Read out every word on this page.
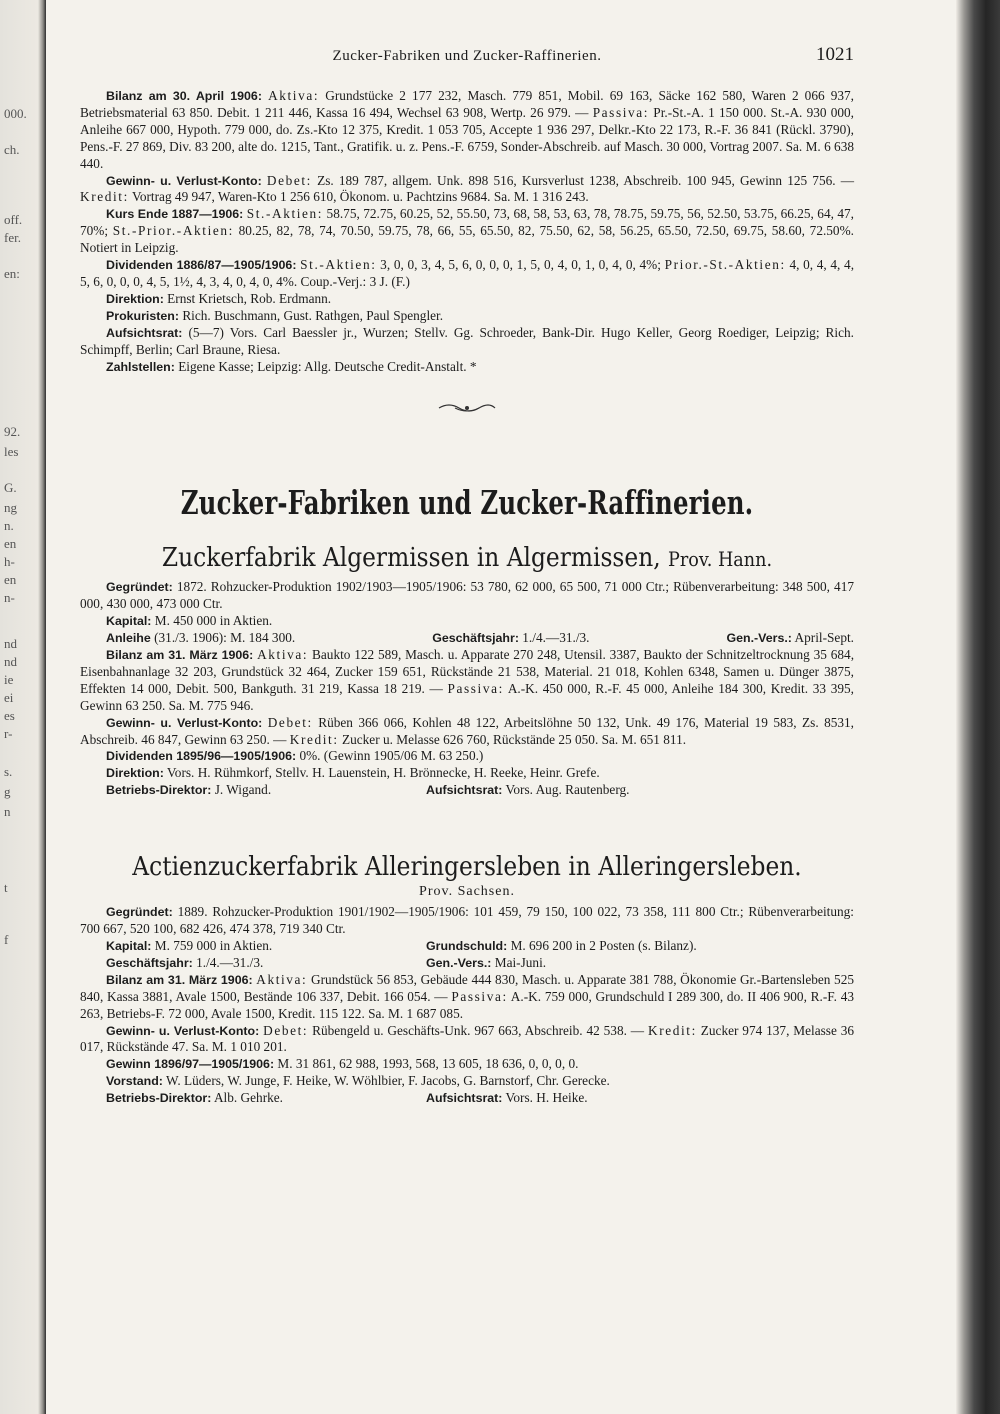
000.
ch.
off.
fer.
en:
92.
les
G.
ng
n.
en
h-
en
n-
nd
nd
ie
ei
es
r-
s.
g
n
t
f
Zucker-Fabriken und Zucker-Raffinerien.	1021

Bilanz am 30. April 1906: Aktiva: Grundstücke 2 177 232, Masch. 779 851, Mobil. 69 163, Säcke 162 580, Waren 2 066 937, Betriebsmaterial 63 850. Debit. 1 211 446, Kassa 16 494, Wechsel 63 908, Wertp. 26 979. — Passiva: Pr.-St.-A. 1 150 000. St.-A. 930 000, Anleihe 667 000, Hypoth. 779 000, do. Zs.-Kto 12 375, Kredit. 1 053 705, Accepte 1 936 297, Delkr.-Kto 22 173, R.-F. 36 841 (Rückl. 3790), Pens.-F. 27 869, Div. 83 200, alte do. 1215, Tant., Gratifik. u. z. Pens.-F. 6759, Sonder-Abschreib. auf Masch. 30 000, Vortrag 2007. Sa. M. 6 638 440.

Gewinn- u. Verlust-Konto: Debet: Zs. 189 787, allgem. Unk. 898 516, Kursverlust 1238, Abschreib. 100 945, Gewinn 125 756. — Kredit: Vortrag 49 947, Waren-Kto 1 256 610, Ökonom. u. Pachtzins 9684. Sa. M. 1 316 243.

Kurs Ende 1887—1906: St.-Aktien: 58.75, 72.75, 60.25, 52, 55.50, 73, 68, 58, 53, 63, 78, 78.75, 59.75, 56, 52.50, 53.75, 66.25, 64, 47, 70%; St.-Prior.-Aktien: 80.25, 82, 78, 74, 70.50, 59.75, 78, 66, 55, 65.50, 82, 75.50, 62, 58, 56.25, 65.50, 72.50, 69.75, 58.60, 72.50%. Notiert in Leipzig.

Dividenden 1886/87—1905/1906: St.-Aktien: 3, 0, 0, 3, 4, 5, 6, 0, 0, 0, 1, 5, 0, 4, 0, 1, 0, 4, 0, 4%; Prior.-St.-Aktien: 4, 0, 4, 4, 4, 5, 6, 0, 0, 0, 4, 5, 1½, 4, 3, 4, 0, 4, 0, 4%. Coup.-Verj.: 3 J. (F.)

Direktion: Ernst Krietsch, Rob. Erdmann.

Prokuristen: Rich. Buschmann, Gust. Rathgen, Paul Spengler.

Aufsichtsrat: (5—7) Vors. Carl Baessler jr., Wurzen; Stellv. Gg. Schroeder, Bank-Dir. Hugo Keller, Georg Roediger, Leipzig; Rich. Schimpff, Berlin; Carl Braune, Riesa.

Zahlstellen: Eigene Kasse; Leipzig: Allg. Deutsche Credit-Anstalt. *

Zucker-Fabriken und Zucker-Raffinerien.
Zuckerfabrik Algermissen in Algermissen, Prov. Hann.

Gegründet: 1872. Rohzucker-Produktion 1902/1903—1905/1906: 53 780, 62 000, 65 500, 71 000 Ctr.; Rübenverarbeitung: 348 500, 417 000, 430 000, 473 000 Ctr.

Kapital: M. 450 000 in Aktien.

Anleihe (31./3. 1906): M. 184 300.	Geschäftsjahr: 1./4.—31./3.	Gen.-Vers.: April-Sept.

Bilanz am 31. März 1906: Aktiva: Baukto 122 589, Masch. u. Apparate 270 248, Utensil. 3387, Baukto der Schnitzeltrocknung 35 684, Eisenbahnanlage 32 203, Grundstück 32 464, Zucker 159 651, Rückstände 21 538, Material. 21 018, Kohlen 6348, Samen u. Dünger 3875, Effekten 14 000, Debit. 500, Bankguth. 31 219, Kassa 18 219. — Passiva: A.-K. 450 000, R.-F. 45 000, Anleihe 184 300, Kredit. 33 395, Gewinn 63 250. Sa. M. 775 946.

Gewinn- u. Verlust-Konto: Debet: Rüben 366 066, Kohlen 48 122, Arbeitslöhne 50 132, Unk. 49 176, Material 19 583, Zs. 8531, Abschreib. 46 847, Gewinn 63 250. — Kredit: Zucker u. Melasse 626 760, Rückstände 25 050. Sa. M. 651 811.

Dividenden 1895/96—1905/1906: 0%. (Gewinn 1905/06 M. 63 250.)

Direktion: Vors. H. Rühmkorf, Stellv. H. Lauenstein, H. Brönnecke, H. Reeke, Heinr. Grefe.

Betriebs-Direktor: J. Wigand.	Aufsichtsrat: Vors. Aug. Rautenberg.

Actienzuckerfabrik Alleringersleben in Alleringersleben.
Prov. Sachsen.

Gegründet: 1889. Rohzucker-Produktion 1901/1902—1905/1906: 101 459, 79 150, 100 022, 73 358, 111 800 Ctr.; Rübenverarbeitung: 700 667, 520 100, 682 426, 474 378, 719 340 Ctr.

Kapital: M. 759 000 in Aktien.	Grundschuld: M. 696 200 in 2 Posten (s. Bilanz).

Geschäftsjahr: 1./4.—31./3.	Gen.-Vers.: Mai-Juni.

Bilanz am 31. März 1906: Aktiva: Grundstück 56 853, Gebäude 444 830, Masch. u. Apparate 381 788, Ökonomie Gr.-Bartensleben 525 840, Kassa 3881, Avale 1500, Bestände 106 337, Debit. 166 054. — Passiva: A.-K. 759 000, Grundschuld I 289 300, do. II 406 900, R.-F. 43 263, Betriebs-F. 72 000, Avale 1500, Kredit. 115 122. Sa. M. 1 687 085.

Gewinn- u. Verlust-Konto: Debet: Rübengeld u. Geschäfts-Unk. 967 663, Abschreib. 42 538. — Kredit: Zucker 974 137, Melasse 36 017, Rückstände 47. Sa. M. 1 010 201.

Gewinn 1896/97—1905/1906: M. 31 861, 62 988, 1993, 568, 13 605, 18 636, 0, 0, 0, 0.

Vorstand: W. Lüders, W. Junge, F. Heike, W. Wöhlbier, F. Jacobs, G. Barnstorf, Chr. Gerecke.

Betriebs-Direktor: Alb. Gehrke.	Aufsichtsrat: Vors. H. Heike.
